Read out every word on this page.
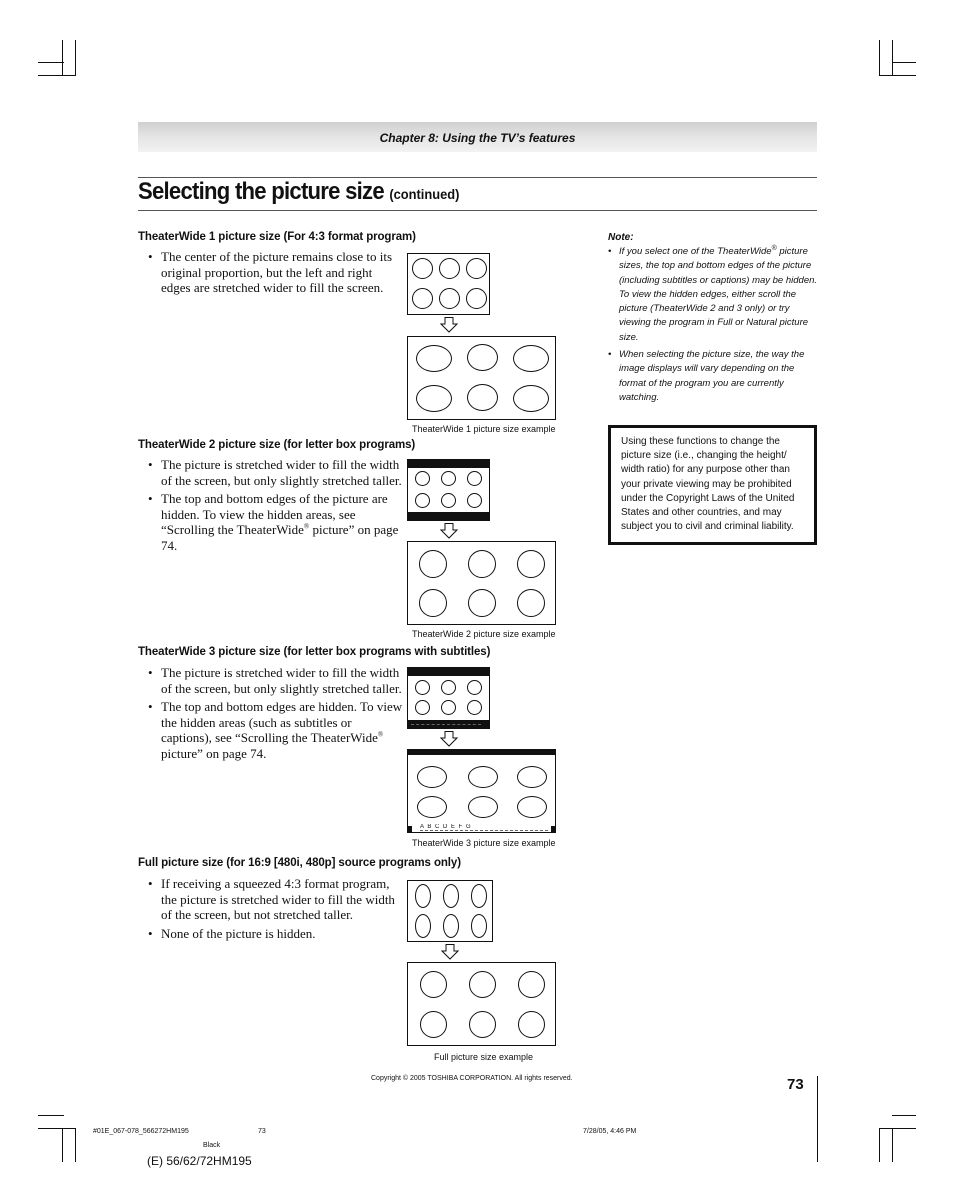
Chapter 8: Using the TV’s features
Selecting the picture size (continued)
TheaterWide 1 picture size (For 4:3 format program)
• The center of the picture remains close to its original proportion, but the left and right edges are stretched wider to fill the screen.
TheaterWide 1 picture size example
TheaterWide 2 picture size (for letter box programs)
• The picture is stretched wider to fill the width of the screen, but only slightly stretched taller.
• The top and bottom edges of the picture are hidden. To view the hidden areas, see “Scrolling the TheaterWide® picture” on page 74.
TheaterWide 2 picture size example
TheaterWide 3 picture size (for letter box programs with subtitles)
• The picture is stretched wider to fill the width of the screen, but only slightly stretched taller.
• The top and bottom edges are hidden. To view the hidden areas (such as subtitles or captions), see “Scrolling the TheaterWide® picture” on page 74.
A B C D E F G
A B C D E F G
TheaterWide 3 picture size example
Full picture size (for 16:9 [480i, 480p] source programs only)
• If receiving a squeezed 4:3 format program, the picture is stretched wider to fill the width of the screen, but not stretched taller.
• None of the picture is hidden.
Full picture size example
Note:
• If you select one of the TheaterWide® picture sizes, the top and bottom edges of the picture (including subtitles or captions) may be hidden. To view the hidden edges, either scroll the picture (TheaterWide 2 and 3 only) or try viewing the program in Full or Natural picture size.
• When selecting the picture size, the way the image displays will vary depending on the format of the program you are currently watching.
Using these functions to change the picture size (i.e., changing the height/ width ratio) for any purpose other than your private viewing may be prohibited under the Copyright Laws of the United States and other countries, and may subject you to civil and criminal liability.
Copyright © 2005 TOSHIBA CORPORATION. All rights reserved.	73
#01E_067-078_566272HM195	73	7/28/05, 4:46 PM
Black
(E) 56/62/72HM195
